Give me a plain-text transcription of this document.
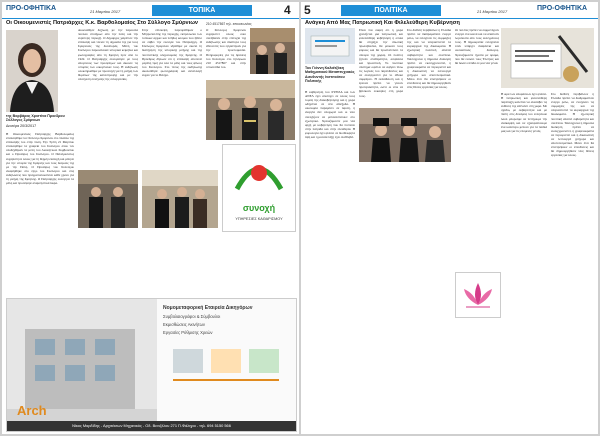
ΠΡΟ-ΟΦΗΤΙΚΑ	21 Μαρτίου 2017	ΤΟΠΙΚΑ	4
Οι Οικουμενιστές Πατριάρχες Κ.κ. Βαρθολομαίος Στο Σύλλογο Σμύρνιων
της Βαρβάρας Χριστίνα Προεδρου Σύλλογος Σμύρνιων
Δευτέρα 20/3/2017
Η Οικουμενικός Πατριάρχης Βαρθολομαίος επισκέφθηκε τον Σύλλογο Σμυρνιών στο πλαίσιο της επίσκεψής του στην πόλη. Την Τρίτη 21 Μαρτίου επισκέφθηκε τα γραφεία του Συλλόγου όπου τον υποδέχθηκαν τα μέλη του Διοικητικού Συμβουλίου και ο Πρόεδρος του Συλλόγου. Ο Παναγιώτατος ευχαρίστησε όλους για τη θερμή υποδοχή και μίλησε για την ιστορία της Σμύρνης και τους δεσμούς της με την Πόλη. Ο Πρόεδρος του Συλλόγου αναφέρθηκε στο έργο του Συλλόγου και στις εκδηλώσεις που πραγματοποιούνται κάθε χρόνο για τη μνήμη της Σμύρνης. Ο Πατριάρχης ευλόγησε τα μέλη και προσέφερε αναμνηστικά δώρα.
Ακολούθησε δεξίωση με την παρουσία πολλών επισήμων από την πόλη και την ευρύτερη περιοχή. Ο Δήμαρχος χαιρέτισε την επίσκεψη και τόνισε τη σημασία της για τους Σμυρνιούς της διασποράς. Μέλη του Συλλόγου παρουσίασαν ιστορικά κειμήλια και φωτογραφίες από τη Σμύρνη πριν από το 1922. Ο Πατριάρχης συνομίλησε με τους απογόνους των προσφύγων και άκουσε τις ιστορίες των οικογενειών τους. Η εκδήλωση ολοκληρώθηκε με προσευχή για τη μνήμη των θυμάτων της καταστροφής και με την υπόσχεση συνέχισης της συνεργασίας.
Στην επίσκεψη παρευρέθηκαν ο Μητροπολίτης της περιοχής, εκπρόσωποι των τοπικών αρχών και πλήθος κόσμου που ήθελε να λάβει την ευλογία του Πατριάρχη. Ο Σύλλογος Σμυρνιών ιδρύθηκε με σκοπό τη διατήρηση της ιστορικής μνήμης και της πολιτιστικής κληρονομιάς της Σμύρνης. Ο Πρόεδρος δήλωσε ότι η επίσκεψη αποτελεί μεγάλη τιμή για όλα τα μέλη και τους φίλους του Συλλόγου. Στο τέλος της εκδήλωσης ακολούθησε φωτογράφιση και ανταλλαγή ευχών για το Πάσχα.
Ο Σύλλογος Σμυρνιών ευχαριστεί όλους όσοι συνέβαλαν στην επιτυχία της εκδήλωσης και ιδιαίτερα τους εθελοντές που εργάστηκαν για την προετοιμασία. Πληροφορίες για τις δράσεις του Συλλόγου στο τηλέφωνο 210 4517867 και στην ιστοσελίδα του.
210 4517867 τηλ. επικοινωνίας
συνοχή
ΥΠΗΡΕΣΙΕΣ ΚΑΘΑΡΙΣΜΟΥ
Arch
Νομομεταφορική Εταιρεία Δικηγόρων
Συμβολαιογράφοι & Σύμβουλοι
Εκμισθώσεις Ακινήτων
Εργασίες Ρύθμισης Χρεών
Νίκος Μαρδίδης - Αρχιτέκτων Μηχανικός - Οδ. Βενιζέλου 271 Π.Φάληρο - τηλ. 694 5150 566
5	ΠΟΛΙΤΙΚΑ	21 Μαρτίου 2017	ΠΡΟ-ΟΦΗΤΙΚΑ
Ανάγκη Από Μας Πατριωτική Και Φιλελεύθερη Κυβέρνηση
Του Γιάννη Καλαϊτζάκη Μαθηματικού Μεταπτυχιακός Διευθυντής Ινστιτούτου Πολιτικής
Η κυβέρνηση του ΣΥΡΙΖΑ και των ΑΝΕΛ έχει αποτύχει σε όλους τους τομείς της διακυβέρνησης και η χώρα οδηγείται σε νέα αδιέξοδα. Η οικονομία παραμένει σε ύφεση, η ανεργία δεν υποχωρεί και οι νέοι συνεχίζουν να μεταναστεύουν στο εξωτερικό. Χρειαζόμαστε μια νέα αρχή με κυβέρνηση που θα πιστεύει στην πατρίδα και στην ελευθερία. Η φορολογία έχει φτάσει σε δυσθεώρητα ύψη και η μεσαία τάξη έχει συνθλιβεί.
Είναι πια σαφές ότι η χώρα χρειάζεται μια πατριωτική και φιλελεύθερη κυβέρνηση η οποία θα στηρίξει την ιδιωτική πρωτοβουλία, θα μειώσει τους φόρους και θα προστατεύσει τα σύνορα της χώρας. Οι πολίτες ζητούν σταθερότητα, ασφάλεια και προοπτική. Το πολιτικό σύστημα οφείλει να αφήσει πίσω τις λογικές του παρελθόντος και να συνεργαστεί για το εθνικό συμφέρον. Η εκπαίδευση και η έρευνα πρέπει να γίνουν προτεραιότητα, ώστε οι νέοι να βρίσκουν ευκαιρίες στη χώρα τους.
Στο διεθνές περιβάλλον η Ελλάδα πρέπει να διαδραματίσει ενεργό ρόλο, να ενισχύσει τις συμμαχίες της και να υπερασπιστεί τα κυριαρχικά της δικαιώματα. Η εξωτερική πολιτική απαιτεί σοβαρότητα και συνέπεια. Ταυτόχρονα η δημόσια διοίκηση πρέπει να εκσυγχρονιστεί, η γραφειοκρατία να περιοριστεί και η δικαιοσύνη να λειτουργεί γρήγορα και αποτελεσματικά. Μόνο έτσι θα επιστρέψουν οι επενδύσεις και θα δημιουργηθούν νέες θέσεις εργασίας για όλους.
Οι πολίτες πρέπει να συμμετέχουν ενεργά στα κοινά και να απαιτούν λογοδοσία από τους εκλεγμένους τους. Η δημοκρατία ενισχύεται όταν υπάρχει διαφάνεια και ουσιαστικός διάλογος. Χρειαζόμαστε ηγεσία με όραμα, που θα ενώσει τους Έλληνες και θα δώσει ελπίδα σε μια νέα γενιά.
Η ώρα των αποφάσεων έχει φτάσει. Η πατριωτική και φιλελεύθερη παράταξη καλείται να αναλάβει τις ευθύνες της απέναντι στη χώρα. Με σχέδιο, με σοβαρότητα και με πίστη στις δυνάμεις του ελληνικού λαού μπορούμε να πετύχουμε την ανάκαμψη και να εξασφαλίσουμε ένα καλύτερο μέλλον για τα παιδιά μας και για τις επόμενες γενιές.
Στο διεθνές περιβάλλον η Ελλάδα πρέπει να διαδραματίσει ενεργό ρόλο, να ενισχύσει τις συμμαχίες της και να υπερασπιστεί τα κυριαρχικά της δικαιώματα. Η εξωτερική πολιτική απαιτεί σοβαρότητα και συνέπεια. Ταυτόχρονα η δημόσια διοίκηση πρέπει να εκσυγχρονιστεί, η γραφειοκρατία να περιοριστεί και η δικαιοσύνη να λειτουργεί γρήγορα και αποτελεσματικά. Μόνο έτσι θα επιστρέψουν οι επενδύσεις και θα δημιουργηθούν νέες θέσεις εργασίας για όλους.
